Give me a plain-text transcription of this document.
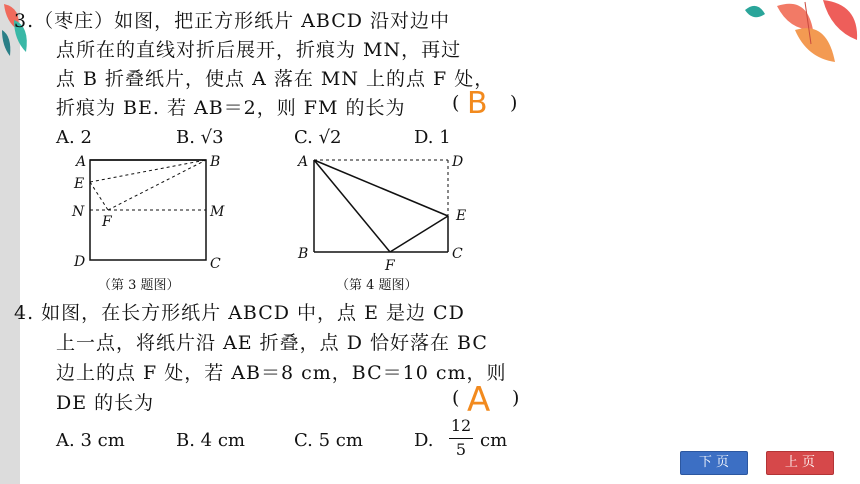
3.（枣庄）如图，把正方形纸片 ABCD 沿对边中
点所在的直线对折后展开，折痕为 MN，再过
点 B 折叠纸片，使点 A 落在 MN 上的点 F 处，
折痕为 BE. 若 AB＝2，则 FM 的长为 ( B )
A. 2	B. √3	C. √2	D. 1
A	B
E
N
F
M
D	C
（第 3 题图）
A	D
E
B
F
C
（第 4 题图）
4. 如图，在长方形纸片 ABCD 中，点 E 是边 CD
上一点，将纸片沿 AE 折叠，点 D 恰好落在 BC
边上的点 F 处，若 AB＝8 cm，BC＝10 cm，则
DE 的长为	( A )
A. 3 cm	B. 4 cm	C. 5 cm	D.
12
5 cm
下 页	上 页
